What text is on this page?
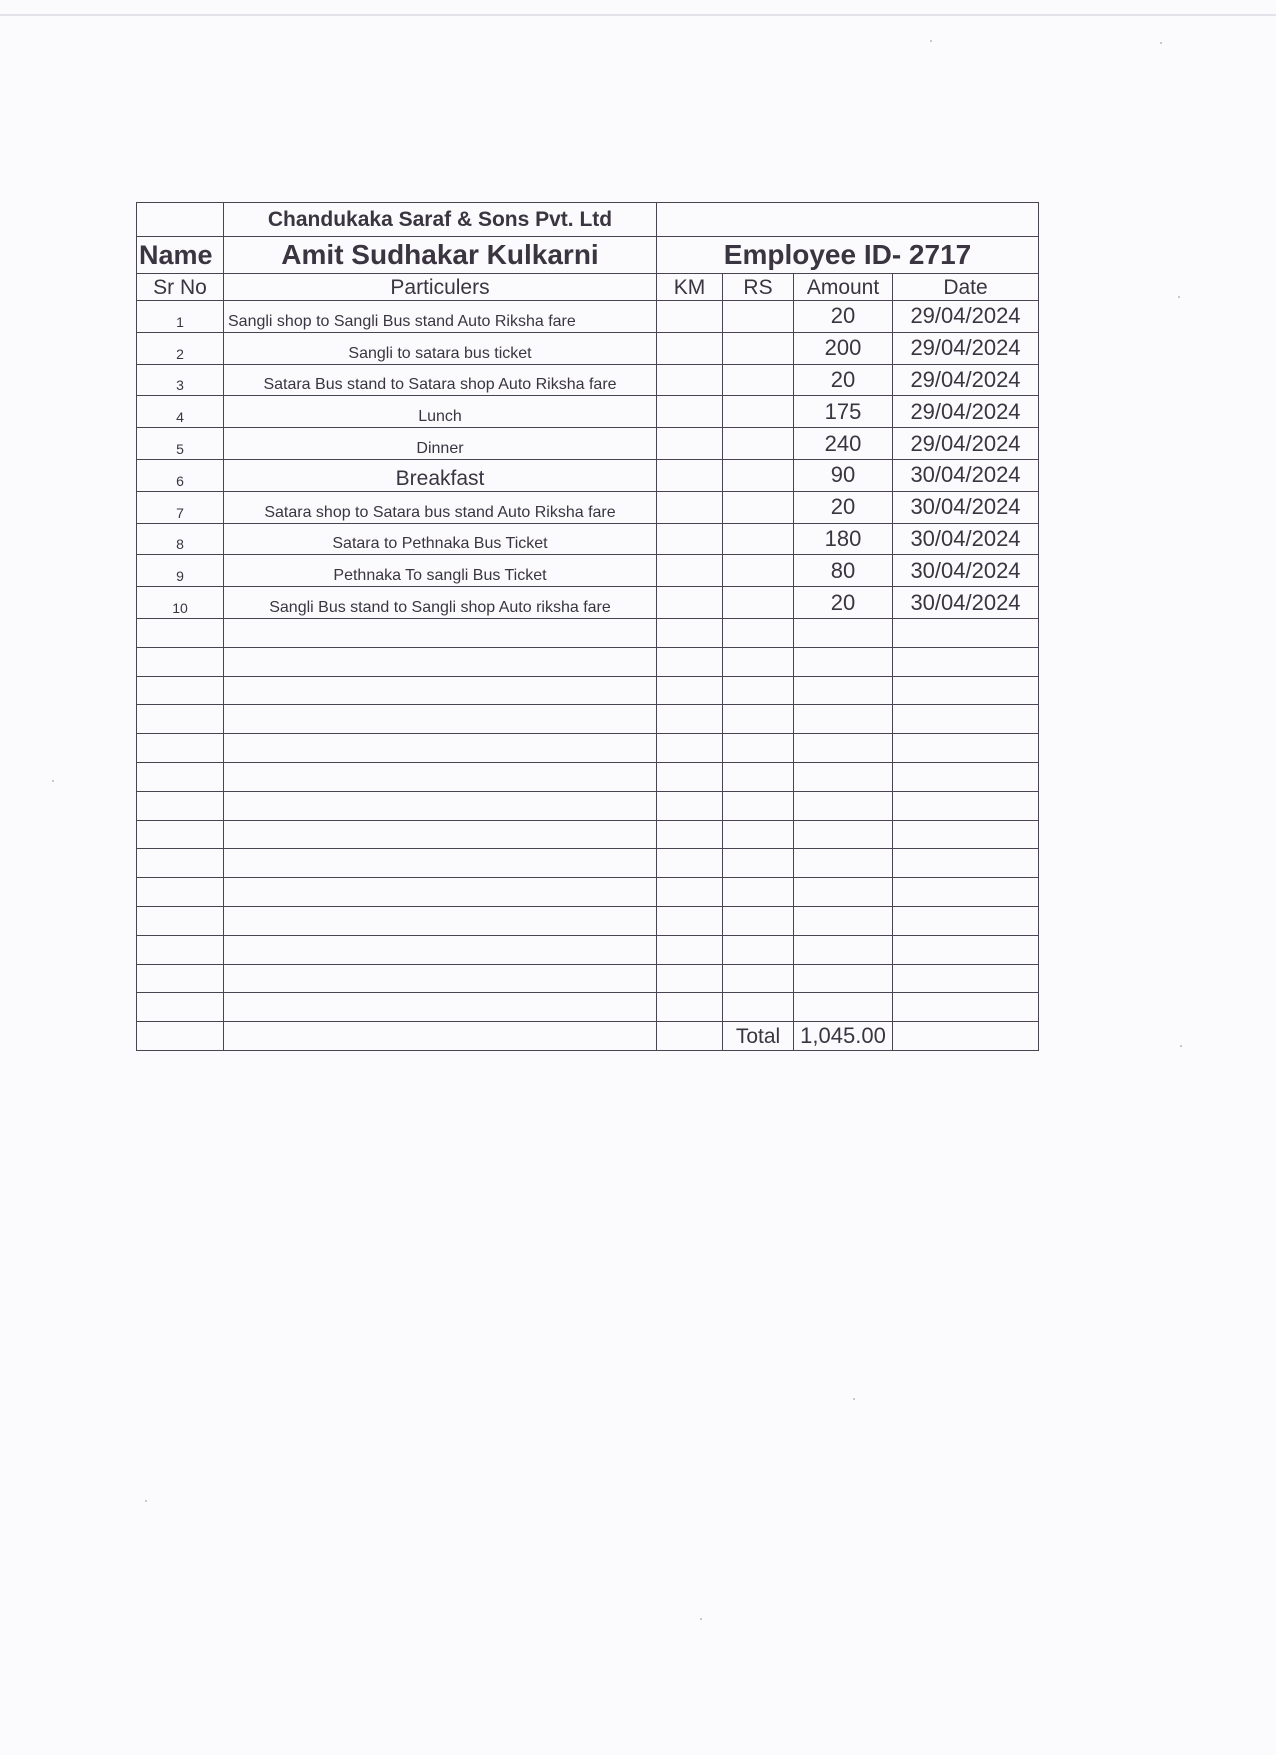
	Chandukaka Saraf & Sons Pvt. Ltd				
Name	Amit Sudhakar Kulkarni	Employee ID- 2717			
Sr No	Particulers	KM	RS	Amount	Date
1	Sangli shop to Sangli Bus stand Auto Riksha fare			20	29/04/2024
2	Sangli to satara bus ticket			200	29/04/2024
3	Satara Bus stand to Satara shop Auto Riksha fare			20	29/04/2024
4	Lunch			175	29/04/2024
5	Dinner			240	29/04/2024
6	Breakfast			90	30/04/2024
7	Satara shop to Satara bus stand Auto Riksha fare			20	30/04/2024
8	Satara to Pethnaka Bus Ticket			180	30/04/2024
9	Pethnaka To sangli Bus Ticket			80	30/04/2024
10	Sangli Bus stand to Sangli shop Auto riksha fare			20	30/04/2024

			Total	1,045.00	
